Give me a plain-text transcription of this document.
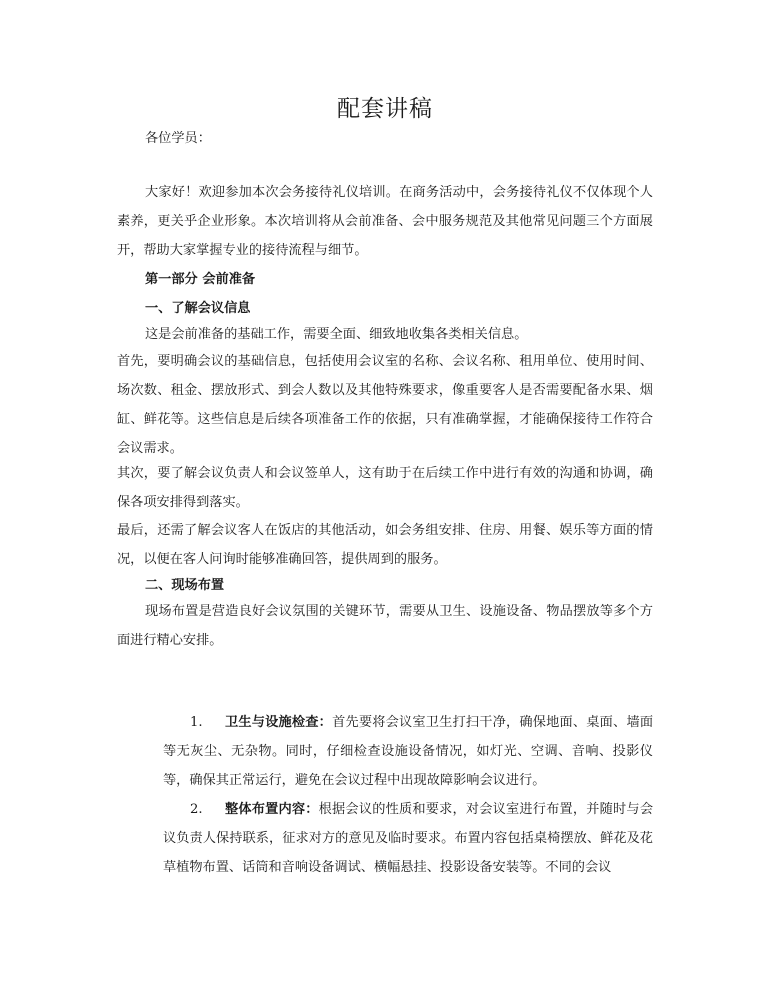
配套讲稿

各位学员：

大家好！欢迎参加本次会务接待礼仪培训。在商务活动中，会务接待礼仪不仅体现个人素养，更关乎企业形象。本次培训将从会前准备、会中服务规范及其他常见问题三个方面展开，帮助大家掌握专业的接待流程与细节。

第一部分 会前准备

一、了解会议信息

这是会前准备的基础工作，需要全面、细致地收集各类相关信息。

首先，要明确会议的基础信息，包括使用会议室的名称、会议名称、租用单位、使用时间、场次数、租金、摆放形式、到会人数以及其他特殊要求，像重要客人是否需要配备水果、烟缸、鲜花等。这些信息是后续各项准备工作的依据，只有准确掌握，才能确保接待工作符合会议需求。

其次，要了解会议负责人和会议签单人，这有助于在后续工作中进行有效的沟通和协调，确保各项安排得到落实。

最后，还需了解会议客人在饭店的其他活动，如会务组安排、住房、用餐、娱乐等方面的情况，以便在客人问询时能够准确回答，提供周到的服务。

二、现场布置

现场布置是营造良好会议氛围的关键环节，需要从卫生、设施设备、物品摆放等多个方面进行精心安排。

1. 卫生与设施检查：首先要将会议室卫生打扫干净，确保地面、桌面、墙面等无灰尘、无杂物。同时，仔细检查设施设备情况，如灯光、空调、音响、投影仪等，确保其正常运行，避免在会议过程中出现故障影响会议进行。
2. 整体布置内容：根据会议的性质和要求，对会议室进行布置，并随时与会议负责人保持联系，征求对方的意见及临时要求。布置内容包括桌椅摆放、鲜花及花草植物布置、话筒和音响设备调试、横幅悬挂、投影设备安装等。不同的会议
